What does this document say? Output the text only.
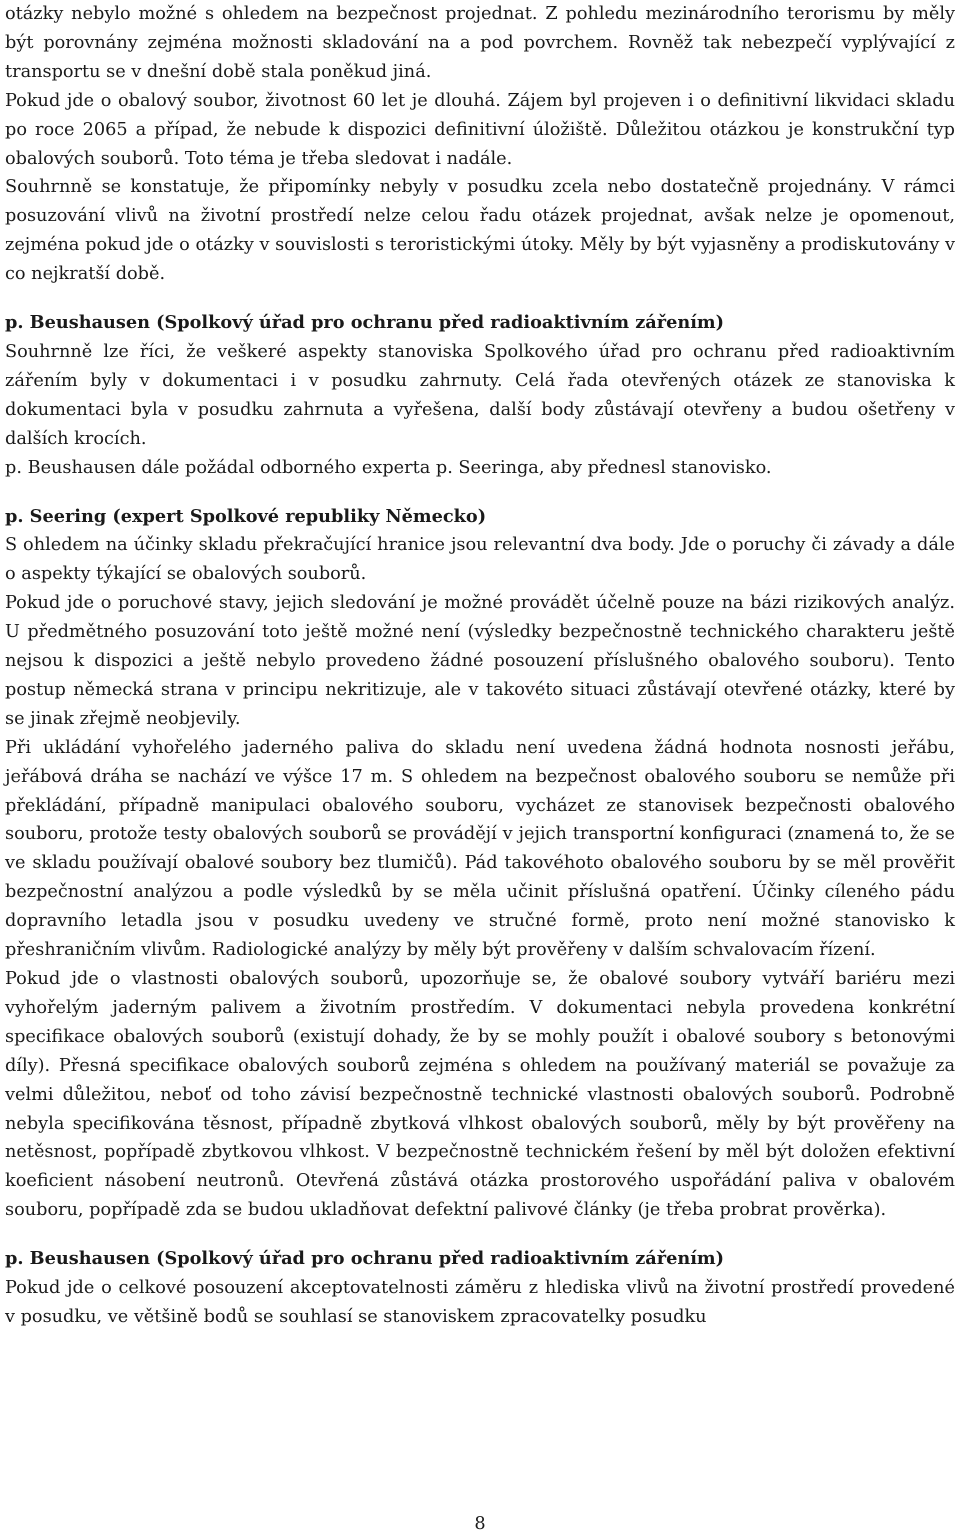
otázky nebylo možné s ohledem na bezpečnost projednat. Z pohledu mezinárodního terorismu by měly být porovnány zejména možnosti skladování na a pod povrchem. Rovněž tak nebezpečí vyplývající z transportu se v dnešní době stala poněkud jiná.

Pokud jde o obalový soubor, životnost 60 let je dlouhá. Zájem byl projeven i o definitivní likvidaci skladu po roce 2065 a případ, že nebude k dispozici definitivní úložiště. Důležitou otázkou je konstrukční typ obalových souborů. Toto téma je třeba sledovat i nadále.

Souhrnně se konstatuje, že připomínky nebyly v posudku zcela nebo dostatečně projednány. V rámci posuzování vlivů na životní prostředí nelze celou řadu otázek projednat, avšak nelze je opomenout, zejména pokud jde o otázky v souvislosti s teroristickými útoky. Měly by být vyjasněny a prodiskutovány v co nejkratší době.

p. Beushausen (Spolkový úřad pro ochranu před radioaktivním zářením)

Souhrnně lze říci, že veškeré aspekty stanoviska Spolkového úřad pro ochranu před radioaktivním zářením byly v dokumentaci i v posudku zahrnuty. Celá řada otevřených otázek ze stanoviska k dokumentaci byla v posudku zahrnuta a vyřešena, další body zůstávají otevřeny a budou ošetřeny v dalších krocích.

p. Beushausen dále požádal odborného experta p. Seeringa, aby přednesl stanovisko.

p. Seering (expert Spolkové republiky Německo)

S ohledem na účinky skladu překračující hranice jsou relevantní dva body. Jde o poruchy či závady a dále o aspekty týkající se obalových souborů.

Pokud jde o poruchové stavy, jejich sledování je možné provádět účelně pouze na bázi rizikových analýz. U předmětného posuzování toto ještě možné není (výsledky bezpečnostně technického charakteru ještě nejsou k dispozici a ještě nebylo provedeno žádné posouzení příslušného obalového souboru). Tento postup německá strana v principu nekritizuje, ale v takovéto situaci zůstávají otevřené otázky, které by se jinak zřejmě neobjevily.

Při ukládání vyhořelého jaderného paliva do skladu není uvedena žádná hodnota nosnosti jeřábu, jeřábová dráha se nachází ve výšce 17 m. S ohledem na bezpečnost obalového souboru se nemůže při překládání, případně manipulaci obalového souboru, vycházet ze stanovisek bezpečnosti obalového souboru, protože testy obalových souborů se provádějí v jejich transportní konfiguraci (znamená to, že se ve skladu používají obalové soubory bez tlumičů). Pád takovéhoto obalového souboru by se měl prověřit bezpečnostní analýzou a podle výsledků by se měla učinit příslušná opatření. Účinky cíleného pádu dopravního letadla jsou v posudku uvedeny ve stručné formě, proto není možné stanovisko k přeshraničním vlivům. Radiologické analýzy by měly být prověřeny v dalším schvalovacím řízení.

Pokud jde o vlastnosti obalových souborů, upozorňuje se, že obalové soubory vytváří bariéru mezi vyhořelým jaderným palivem a životním prostředím. V dokumentaci nebyla provedena konkrétní specifikace obalových souborů (existují dohady, že by se mohly použít i obalové soubory s betonovými díly). Přesná specifikace obalových souborů zejména s ohledem na používaný materiál se považuje za velmi důležitou, neboť od toho závisí bezpečnostně technické vlastnosti obalových souborů. Podrobně nebyla specifikována těsnost, případně zbytková vlhkost obalových souborů, měly by být prověřeny na netěsnost, popřípadě zbytkovou vlhkost. V bezpečnostně technickém řešení by měl být doložen efektivní koeficient násobení neutronů. Otevřená zůstává otázka prostorového uspořádání paliva v obalovém souboru, popřípadě zda se budou ukladňovat defektní palivové články (je třeba probrat prověrka).

p. Beushausen (Spolkový úřad pro ochranu před radioaktivním zářením)

Pokud jde o celkové posouzení akceptovatelnosti záměru z hlediska vlivů na životní prostředí provedené v posudku, ve většině bodů se souhlasí se stanoviskem zpracovatelky posudku

8
